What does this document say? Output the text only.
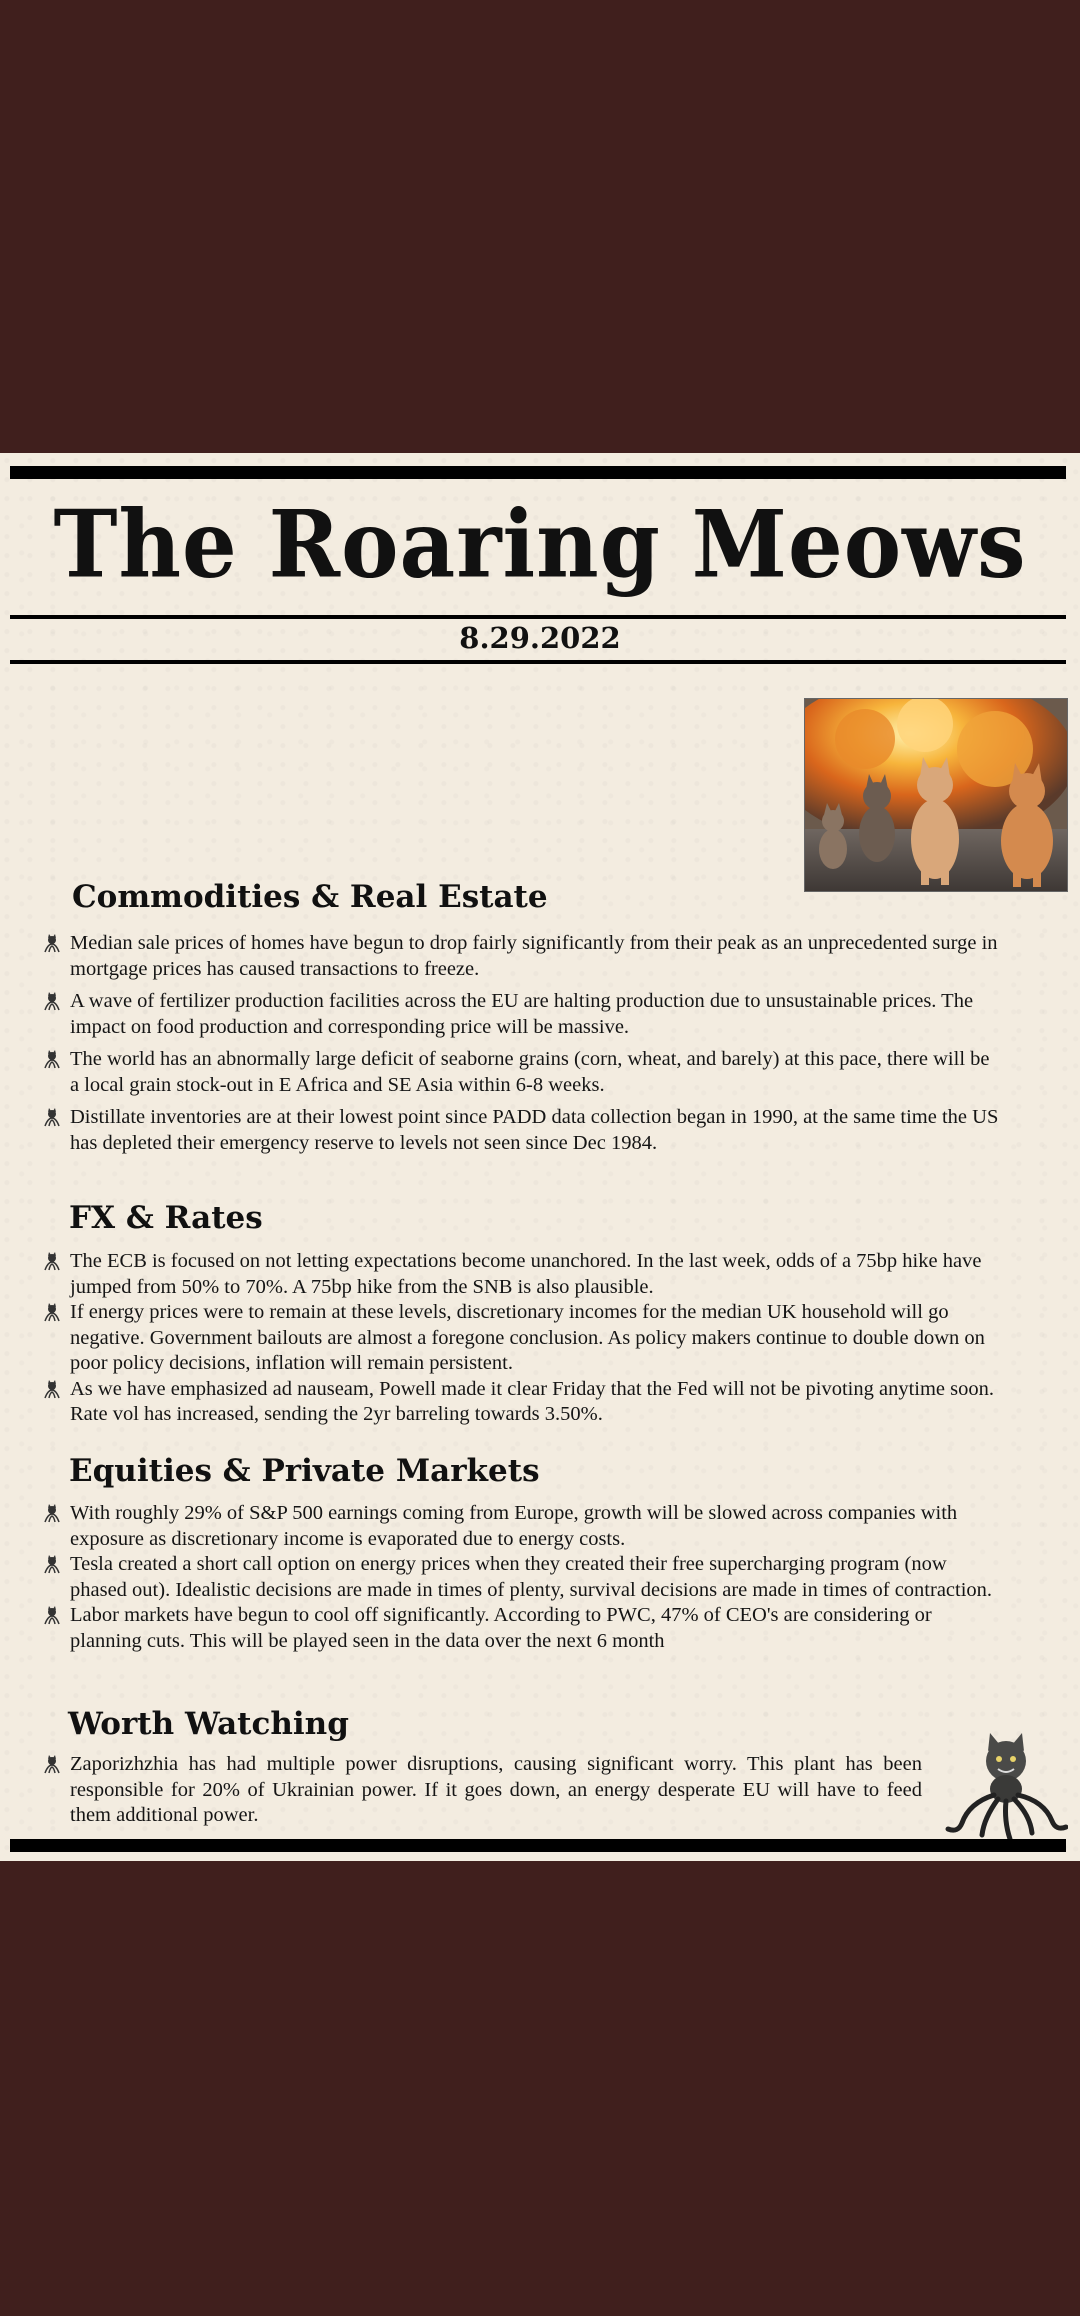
The Roaring Meows
8.29.2022
Commodities & Real Estate
Median sale prices of homes have begun to drop fairly significantly from their peak as an unprecedented surge in mortgage prices has caused transactions to freeze.
A wave of fertilizer production facilities across the EU are halting production due to unsustainable prices. The impact on food production and corresponding price will be massive.
The world has an abnormally large deficit of seaborne grains (corn, wheat, and barely) at this pace, there will be a local grain stock-out in E Africa and SE Asia within 6-8 weeks.
Distillate inventories are at their lowest point since PADD data collection began in 1990, at the same time the US has depleted their emergency reserve to levels not seen since Dec 1984.
FX & Rates
The ECB is focused on not letting expectations become unanchored. In the last week, odds of a 75bp hike have jumped from 50% to 70%. A 75bp hike from the SNB is also plausible.
If energy prices were to remain at these levels, discretionary incomes for the median UK household will go negative. Government bailouts are almost a foregone conclusion. As policy makers continue to double down on poor policy decisions, inflation will remain persistent.
As we have emphasized ad nauseam, Powell made it clear Friday that the Fed will not be pivoting anytime soon. Rate vol has increased, sending the 2yr barreling towards 3.50%.
Equities & Private Markets
With roughly 29% of S&P 500 earnings coming from Europe, growth will be slowed across companies with exposure as discretionary income is evaporated due to energy costs.
Tesla created a short call option on energy prices when they created their free supercharging program (now phased out). Idealistic decisions are made in times of plenty, survival decisions are made in times of contraction.
Labor markets have begun to cool off significantly. According to PWC, 47% of CEO's are considering or planning cuts. This will be played seen in the data over the next 6 month
Worth Watching
Zaporizhzhia has had multiple power disruptions, causing significant worry. This plant has been responsible for 20% of Ukrainian power. If it goes down, an energy desperate EU will have to feed them additional power.
